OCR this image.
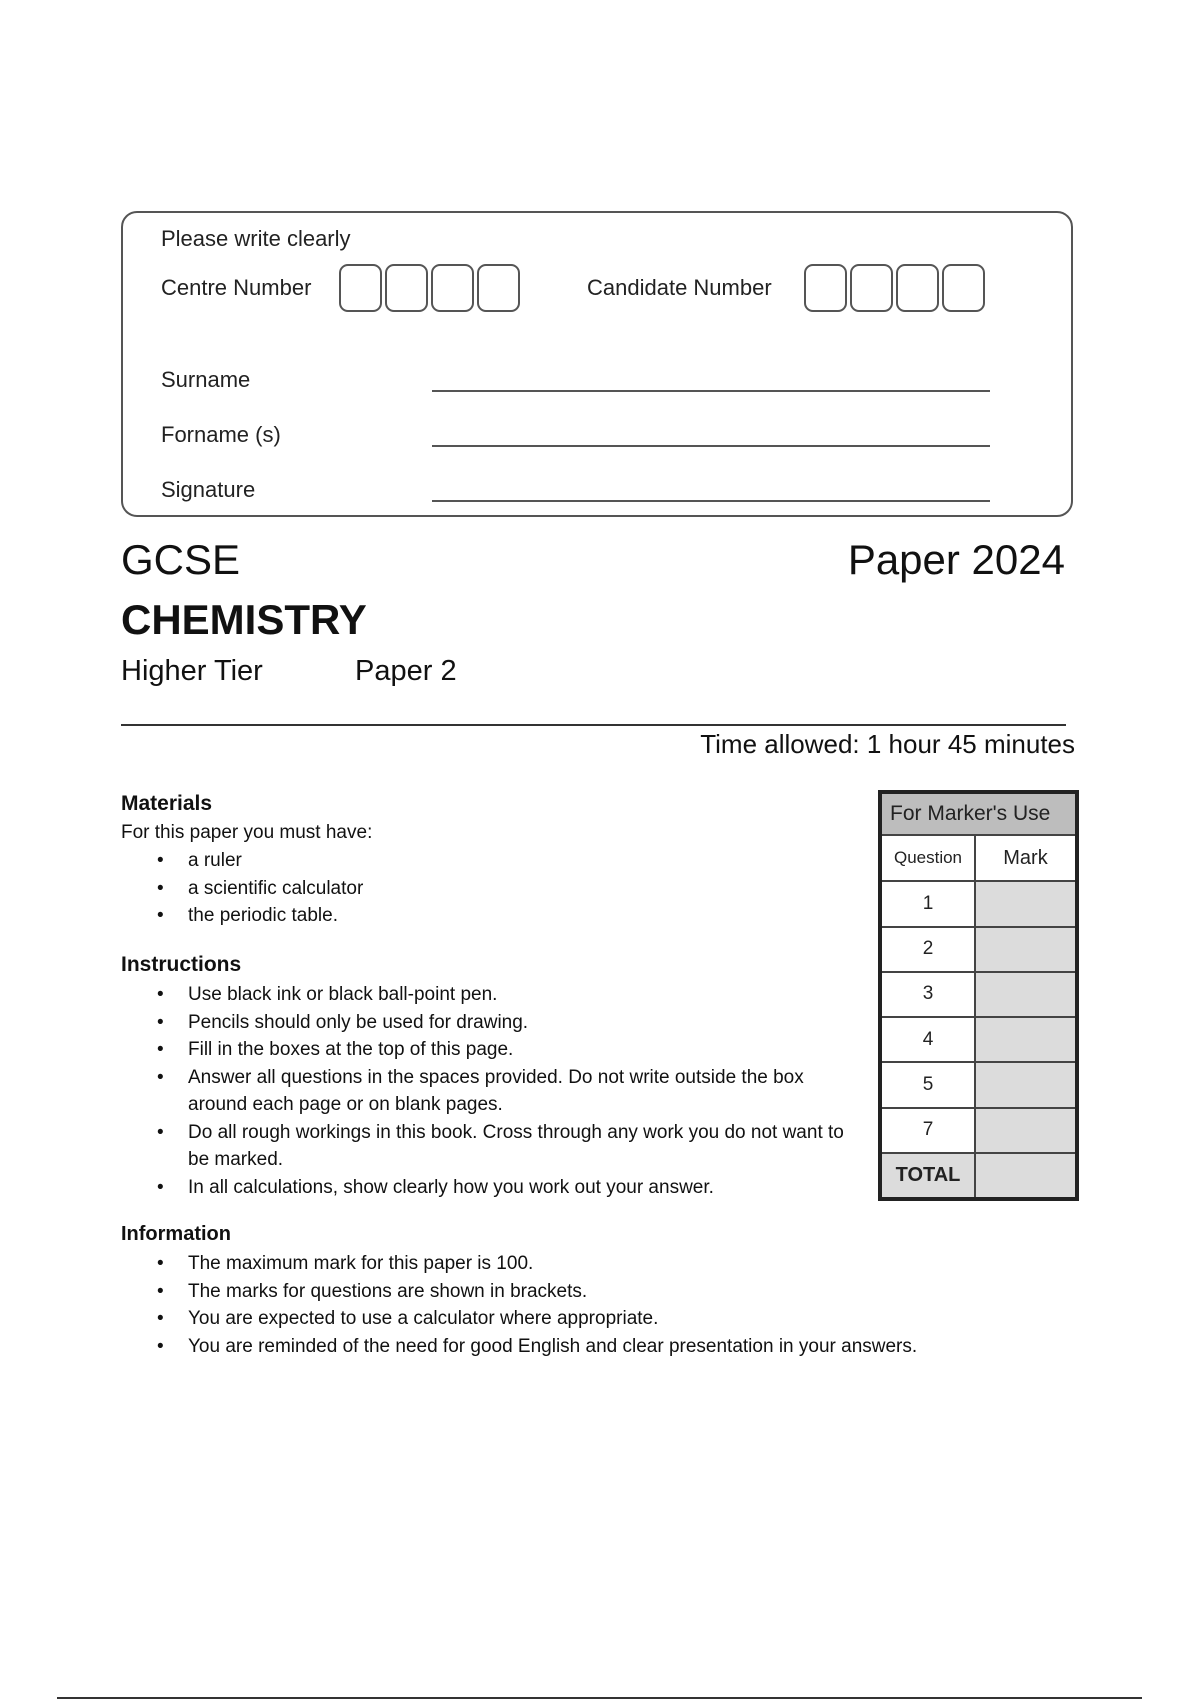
Please write clearly
Centre Number	Candidate Number
Surname
Forname (s)
Signature
GCSE	Paper 2024
CHEMISTRY
Higher Tier	Paper 2
Time allowed: 1 hour 45 minutes
Materials
For this paper you must have:
• a ruler
• a scientific calculator
• the periodic table.
Instructions
• Use black ink or black ball-point pen.
• Pencils should only be used for drawing.
• Fill in the boxes at the top of this page.
• Answer all questions in the spaces provided. Do not write outside the box around each page or on blank pages.
• Do all rough workings in this book. Cross through any work you do not want to be marked.
• In all calculations, show clearly how you work out your answer.
Information
• The maximum mark for this paper is 100.
• The marks for questions are shown in brackets.
• You are expected to use a calculator where appropriate.
• You are reminded of the need for good English and clear presentation in your answers.
For Marker's Use	
Question	Mark
1	
2	
3	
4	
5	
7	
TOTAL	
